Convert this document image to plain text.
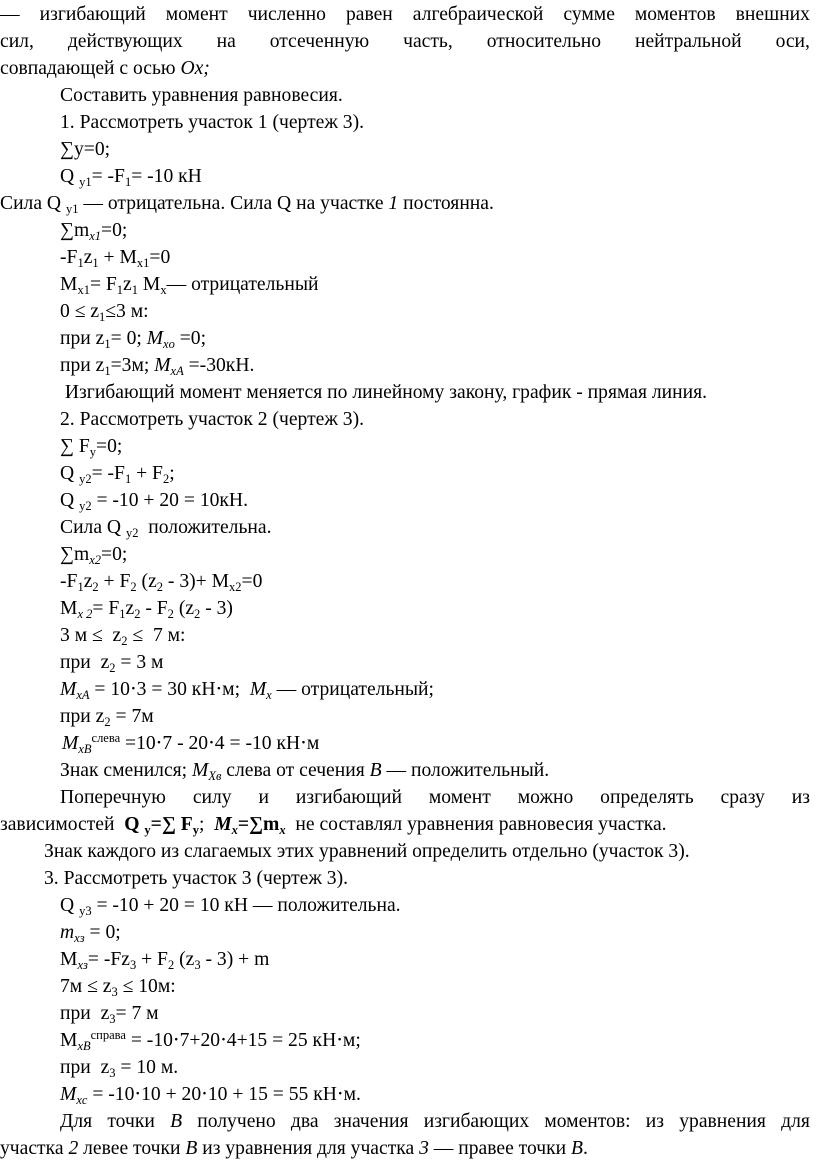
— изгибающий момент численно равен алгебраической сумме моментов внешних
сил, действующих на отсеченную часть, относительно нейтральной оси,
совпадающей с осью Ох;
Составить уравнения равновесия.
1. Рассмотреть участок 1 (чертеж 3).
∑y=0;
Q $_{y1}= -F_1= -10$ кН
Сила Q $_{y1}$ — отрицательна. Сила Q на участке 1 постоянна.
$\sum m_{x1}=0$;
$-F_1z_1 + M_{x1}=0$
$M_{x1}= F_1z_1$ $M_x—$ отрицательный
$0 \le z_1\le 3$ м:
при $z_1= 0$; $M_{xo} =0$;
при $z_1=3м$; $M_{xA} =-30кН$.
Изгибающий момент меняется по линейному закону, график - прямая линия.
2. Рассмотреть участок 2 (чертеж 3).
∑ $F_y=0$;
Q $_{y2}= -F_1 + F_2$;
Q $_{y2}$ = -10 + 20 = 10кН.
Сила Q $_{y2}$  положительна.
$\sum m_{x2}=0$;
$-F_1z_2 + F_2$ $(z_2 - 3)+ M_{x2}=0$
$M_{x 2}= F_1z_2 - F_2$ $(z_2 - 3)$
3 $м \le z_2 \le 7$ м:
при  $z_2 = 3$ м
$M_{xA} = 10\cdot 3 = 30$ кН⋅м;  $M_x$ — отрицательный;
при $z_2 = 7м$
$M_{xB}^{слева} =10\cdot 7 - 20\cdot 4 = -10$ кН⋅м
Знак сменился; $M_{Xв}$ слева от сечения B — положительный.
Поперечную силу и изгибающий момент можно определять сразу из
зависимостей  Q $_y$=∑ $F_y$;  $M_x=\sum m_x$  не составлял уравнения равновесия участка.
Знак каждого из слагаемых этих уравнений определить отдельно (участок 3).
3. Рассмотреть участок 3 (чертеж 3).
Q $_{y3}$ = -10 + 20 = 10 кН — положительна.
$m_{xз} = 0$;
$M_{xз}= -Fz_3 + F_2$ $(z_3 - 3) + m$
$7м \le z_3 \le 10м$:
при  $z_3= 7$ м
$M_{xB}^{справа} = -10\cdot 7+20\cdot 4+15 = 25$ кН⋅м;
при  $z_3 = 10$ м.
$M_{xc} = -10\cdot 10 + 20\cdot 10 + 15 = 55$ кН⋅м.
Для точки B получено два значения изгибающих моментов: из уравнения для
участка 2 левее точки B из уравнения для участка 3 — правее точки B.
